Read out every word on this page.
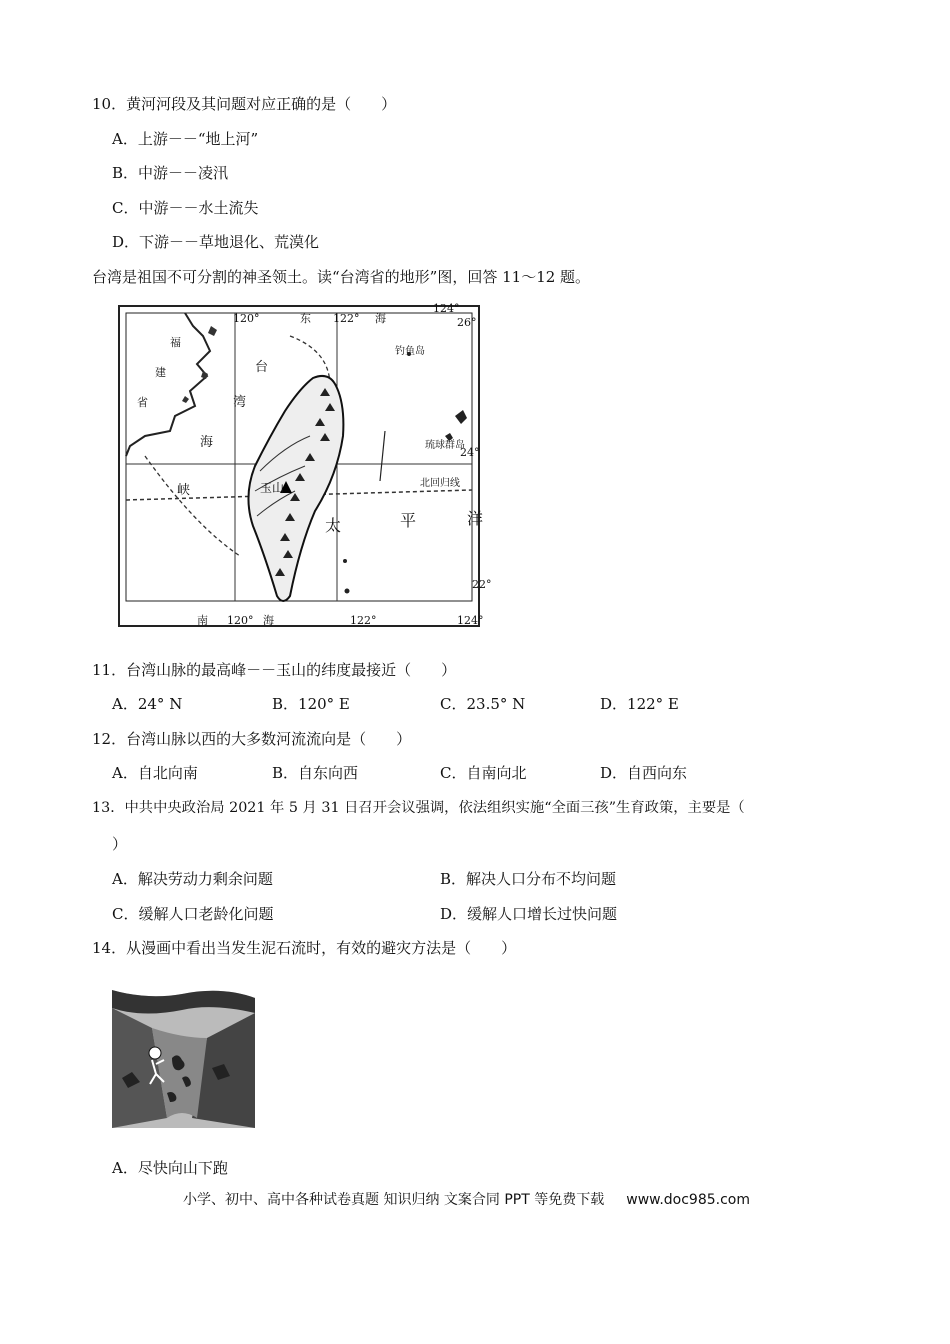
10．黄河河段及其问题对应正确的是（　　）
A．上游－－“地上河”
B．中游－－凌汛
C．中游－－水土流失
D．下游－－草地退化、荒漠化
台湾是祖国不可分割的神圣领土。读“台湾省的地形”图，回答 11～12 题。
120°	122°
124°
26°
24°
22°
120°	122°	124°
东	海
福
建
省
台
湾
海
峡
钓鱼岛
琉球群岛
北回归线
玉山
太	平	洋
南	海
11．台湾山脉的最高峰－－玉山的纬度最接近（　　）
A．24° N	B．120° E	C．23.5° N	D．122° E
12．台湾山脉以西的大多数河流流向是（　　）
A．自北向南	B．自东向西	C．自南向北	D．自西向东
13．中共中央政治局 2021 年 5 月 31 日召开会议强调，依法组织实施“全面三孩”生育政策，主要是（
）
A．解决劳动力剩余问题	B．解决人口分布不均问题
C．缓解人口老龄化问题	D．缓解人口增长过快问题
14．从漫画中看出当发生泥石流时，有效的避灾方法是（　　）
A．尽快向山下跑
小学、初中、高中各种试卷真题 知识归纳 文案合同 PPT 等免费下载 www.doc985.com
